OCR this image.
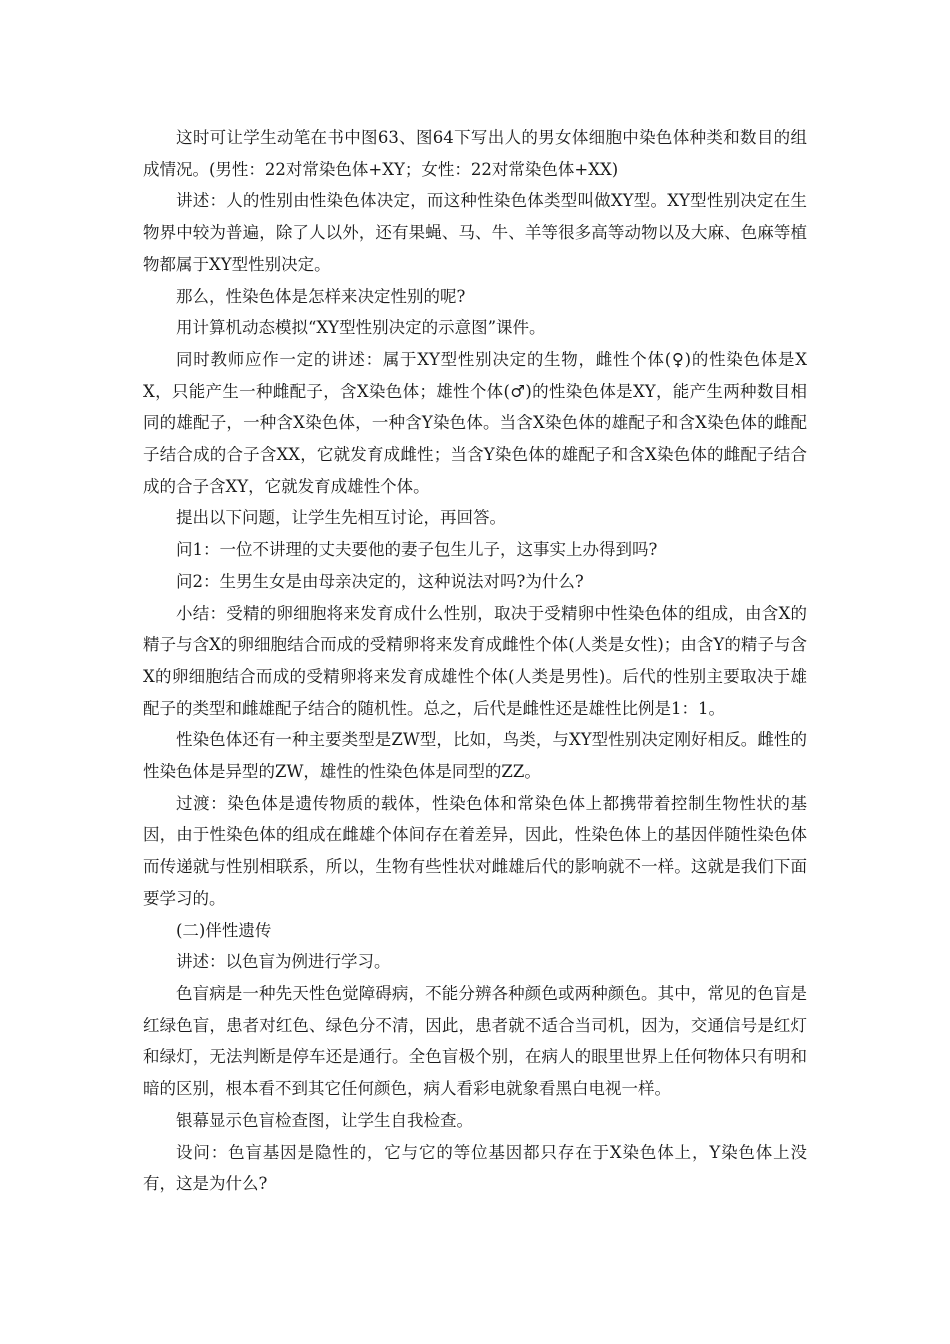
这时可让学生动笔在书中图63、图64下写出人的男女体细胞中染色体种类和数目的组成情况。(男性：22对常染色体+XY；女性：22对常染色体+XX)

讲述：人的性别由性染色体决定，而这种性染色体类型叫做XY型。XY型性别决定在生物界中较为普遍，除了人以外，还有果蝇、马、牛、羊等很多高等动物以及大麻、色麻等植物都属于XY型性别决定。

那么，性染色体是怎样来决定性别的呢?

用计算机动态模拟“XY型性别决定的示意图”课件。

同时教师应作一定的讲述：属于XY型性别决定的生物，雌性个体(♀)的性染色体是XX，只能产生一种雌配子，含X染色体；雄性个体(♂)的性染色体是XY，能产生两种数目相同的雄配子，一种含X染色体，一种含Y染色体。当含X染色体的雄配子和含X染色体的雌配子结合成的合子含XX，它就发育成雌性；当含Y染色体的雄配子和含X染色体的雌配子结合成的合子含XY，它就发育成雄性个体。

提出以下问题，让学生先相互讨论，再回答。

问1：一位不讲理的丈夫要他的妻子包生儿子，这事实上办得到吗?

问2：生男生女是由母亲决定的，这种说法对吗?为什么?

小结：受精的卵细胞将来发育成什么性别，取决于受精卵中性染色体的组成，由含X的精子与含X的卵细胞结合而成的受精卵将来发育成雌性个体(人类是女性)；由含Y的精子与含X的卵细胞结合而成的受精卵将来发育成雄性个体(人类是男性)。后代的性别主要取决于雄配子的类型和雌雄配子结合的随机性。总之，后代是雌性还是雄性比例是1：1。

性染色体还有一种主要类型是ZW型，比如，鸟类，与XY型性别决定刚好相反。雌性的性染色体是异型的ZW，雄性的性染色体是同型的ZZ。

过渡：染色体是遗传物质的载体，性染色体和常染色体上都携带着控制生物性状的基因，由于性染色体的组成在雌雄个体间存在着差异，因此，性染色体上的基因伴随性染色体而传递就与性别相联系，所以，生物有些性状对雌雄后代的影响就不一样。这就是我们下面要学习的。

(二)伴性遗传

讲述：以色盲为例进行学习。

色盲病是一种先天性色觉障碍病，不能分辨各种颜色或两种颜色。其中，常见的色盲是红绿色盲，患者对红色、绿色分不清，因此，患者就不适合当司机，因为，交通信号是红灯和绿灯，无法判断是停车还是通行。全色盲极个别，在病人的眼里世界上任何物体只有明和暗的区别，根本看不到其它任何颜色，病人看彩电就象看黑白电视一样。

银幕显示色盲检查图，让学生自我检查。

设问：色盲基因是隐性的，它与它的等位基因都只存在于X染色体上，Y染色体上没有，这是为什么?
